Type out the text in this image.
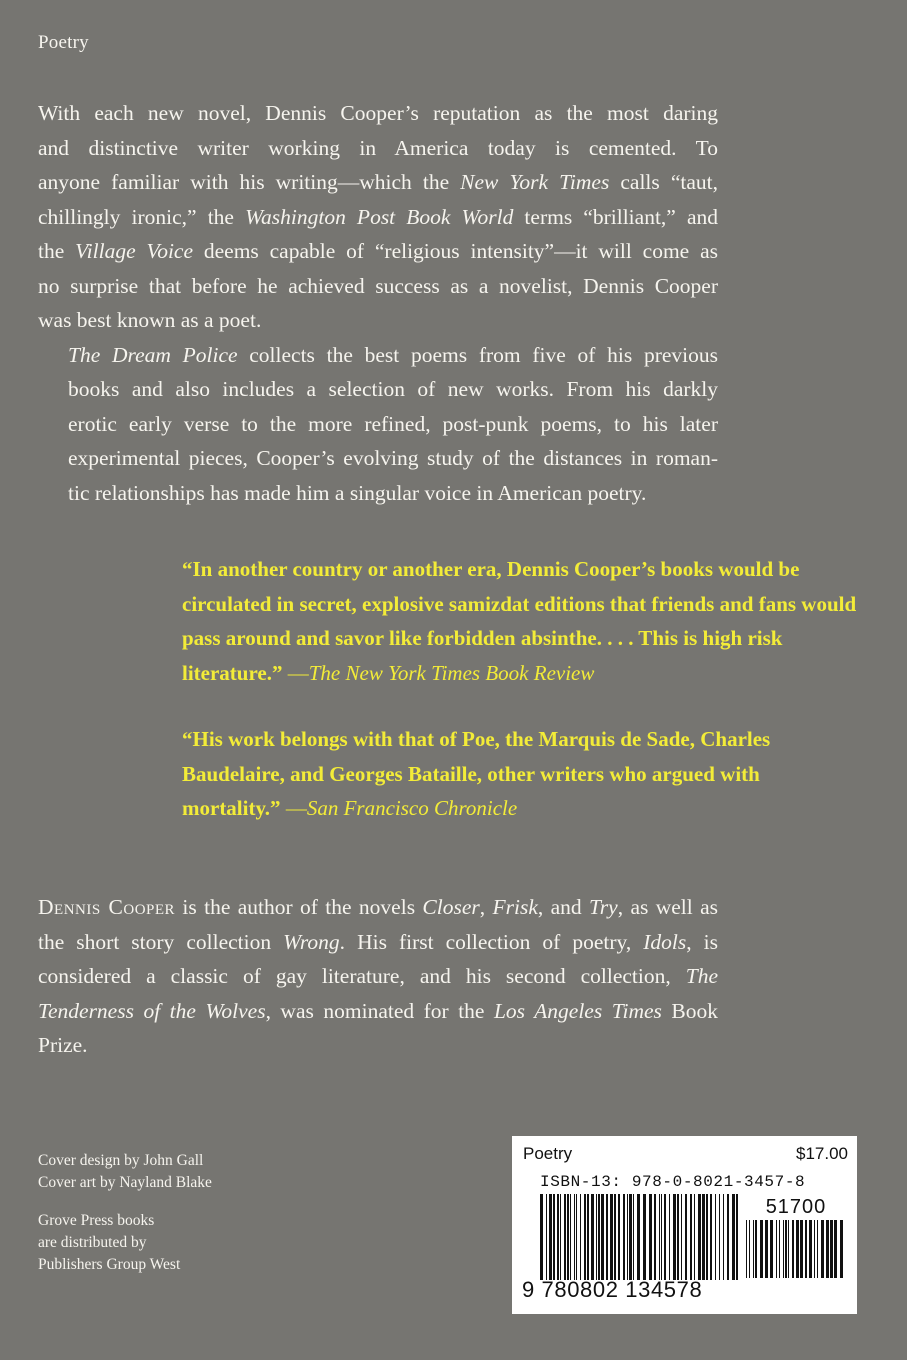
Poetry

With each new novel, Dennis Cooper’s reputation as the most daring
and distinctive writer working in America today is cemented. To
anyone familiar with his writing—which the New York Times calls “taut,
chillingly ironic,” the Washington Post Book World terms “brilliant,” and
the Village Voice deems capable of “religious intensity”—it will come as
no surprise that before he achieved success as a novelist, Dennis Cooper
was best known as a poet.

The Dream Police collects the best poems from five of his previous
books and also includes a selection of new works. From his darkly
erotic early verse to the more refined, post-punk poems, to his later
experimental pieces, Cooper’s evolving study of the distances in roman-
tic relationships has made him a singular voice in American poetry.

“In another country or another era, Dennis Cooper’s books would be circulated in secret, explosive samizdat editions that friends and fans would pass around and savor like forbidden absinthe. . . . This is high risk literature.” —The New York Times Book Review

“His work belongs with that of Poe, the Marquis de Sade, Charles Baudelaire, and Georges Bataille, other writers who argued with mortality.” —San Francisco Chronicle

Dennis Cooper is the author of the novels Closer, Frisk, and Try, as well as the short story collection Wrong. His first collection of poetry, Idols, is considered a classic of gay literature, and his second collection, The Tenderness of the Wolves, was nominated for the Los Angeles Times Book Prize.

Cover design by John Gall
Cover art by Nayland Blake

Grove Press books
are distributed by
Publishers Group West

Poetry	$17.00
ISBN-13: 978-0-8021-3457-8
51700
9 780802 134578
